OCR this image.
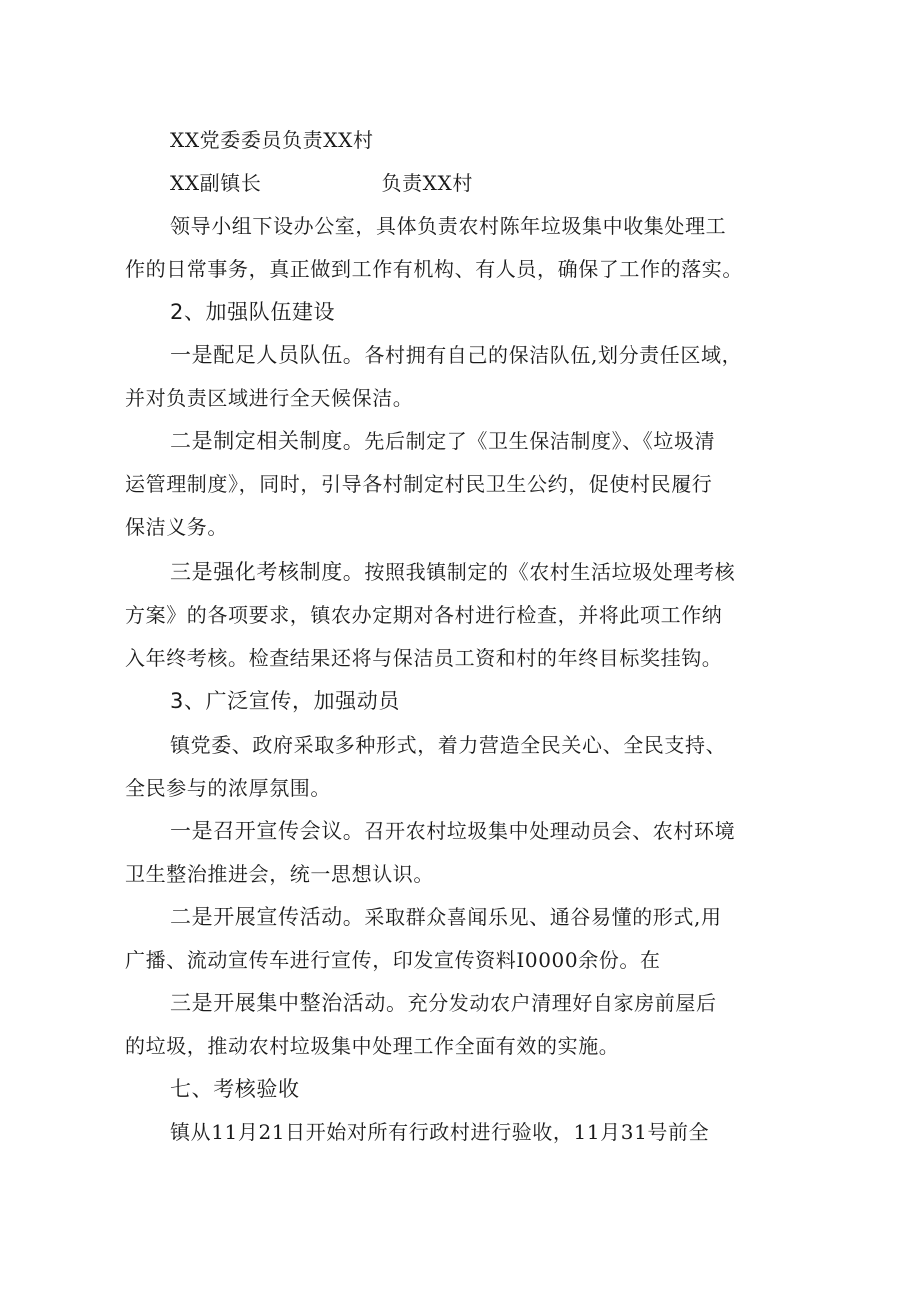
XX党委委员负责XX村
XX副镇长	负责XX村
领导小组下设办公室，具体负责农村陈年垃圾集中收集处理工
作的日常事务，真正做到工作有机构、有人员，确保了工作的落实。
2、加强队伍建设
一是配足人员队伍。各村拥有自己的保洁队伍,划分责任区域，
并对负责区域进行全天候保洁。
二是制定相关制度。先后制定了《卫生保洁制度》、《垃圾清
运管理制度》，同时，引导各村制定村民卫生公约，促使村民履行
保洁义务。
三是强化考核制度。按照我镇制定的《农村生活垃圾处理考核
方案》的各项要求，镇农办定期对各村进行检查，并将此项工作纳
入年终考核。检查结果还将与保洁员工资和村的年终目标奖挂钩。
3、广泛宣传，加强动员
镇党委、政府采取多种形式，着力营造全民关心、全民支持、
全民参与的浓厚氛围。
一是召开宣传会议。召开农村垃圾集中处理动员会、农村环境
卫生整治推进会，统一思想认识。
二是开展宣传活动。采取群众喜闻乐见、通谷易懂的形式,用
广播、流动宣传车进行宣传，印发宣传资料I0000余份。在
三是开展集中整治活动。充分发动农户清理好自家房前屋后
的垃圾，推动农村垃圾集中处理工作全面有效的实施。
七、考核验收
镇从11月21日开始对所有行政村进行验收，11月31号前全
